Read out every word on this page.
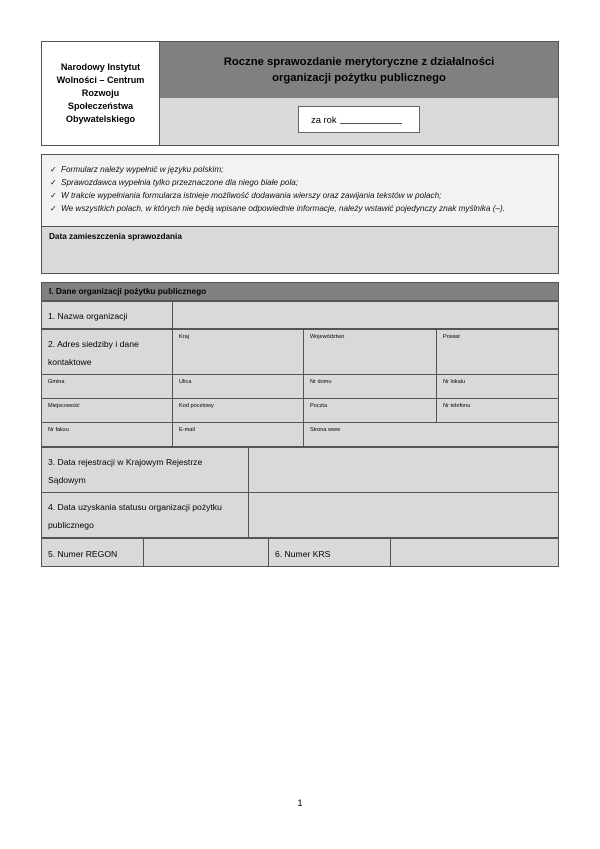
Narodowy Instytut
Wolności – Centrum
Rozwoju
Społeczeństwa
Obywatelskiego
Roczne sprawozdanie merytoryczne z działalności
organizacji pożytku publicznego
za rok
✓ Formularz należy wypełnić w języku polskim;
✓ Sprawozdawca wypełnia tylko przeznaczone dla niego białe pola;
✓ W trakcie wypełniania formularza istnieje możliwość dodawania wierszy oraz zawijania tekstów w polach;
✓ We wszystkich polach, w których nie będą wpisane odpowiednie informacje, należy wstawić pojedynczy znak myślnika (–).
Data zamieszczenia sprawozdania
I. Dane organizacji pożytku publicznego
1. Nazwa organizacji	
2. Adres siedziby i dane kontaktowe	Kraj	Województwo	Powiat

Gmina	Ulica	Nr domu	Nr lokalu

Miejscowość	Kod pocztowy	Poczta	Nr telefonu

Nr faksu	E-mail	Strona www	
3. Data rejestracji w Krajowym Rejestrze Sądowym	
4. Data uzyskania statusu organizacji pożytku publicznego	
5. Numer REGON		6. Numer KRS	
1
